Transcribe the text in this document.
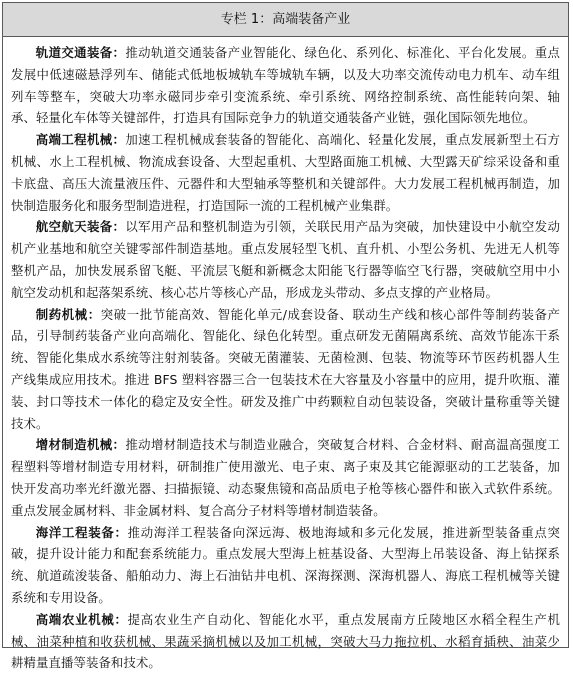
专栏 1：高端装备产业

轨道交通装备：推动轨道交通装备产业智能化、绿色化、系列化、标准化、平台化发展。重点发展中低速磁悬浮列车、储能式低地板城轨车等城轨车辆，以及大功率交流传动电力机车、动车组列车等整车，突破大功率永磁同步牵引变流系统、牵引系统、网络控制系统、高性能转向架、轴承、轻量化车体等关键部件，打造具有国际竞争力的轨道交通装备产业链，强化国际领先地位。

高端工程机械：加速工程机械成套装备的智能化、高端化、轻量化发展，重点发展新型土石方机械、水上工程机械、物流成套设备、大型起重机、大型路面施工机械、大型露天矿综采设备和重卡底盘、高压大流量液压件、元器件和大型轴承等整机和关键部件。大力发展工程机械再制造，加快制造服务化和服务型制造进程，打造国际一流的工程机械产业集群。

航空航天装备：以军用产品和整机制造为引领，关联民用产品为突破，加快建设中小航空发动机产业基地和航空关键零部件制造基地。重点发展轻型飞机、直升机、小型公务机、先进无人机等整机产品，加快发展系留飞艇、平流层飞艇和新概念太阳能飞行器等临空飞行器，突破航空用中小航空发动机和起落架系统、核心芯片等核心产品，形成龙头带动、多点支撑的产业格局。

制药机械：突破一批节能高效、智能化单元/成套设备、联动生产线和核心部件等制药装备产品，引导制药装备产业向高端化、智能化、绿色化转型。重点研发无菌隔离系统、高效节能冻干系统、智能化集成水系统等注射剂装备。突破无菌灌装、无菌检测、包装、物流等环节医药机器人生产线集成应用技术。推进 BFS 塑料容器三合一包装技术在大容量及小容量中的应用，提升吹瓶、灌装、封口等技术一体化的稳定及安全性。研发及推广中药颗粒自动包装设备，突破计量称重等关键技术。

增材制造机械：推动增材制造技术与制造业融合，突破复合材料、合金材料、耐高温高强度工程塑料等增材制造专用材料，研制推广使用激光、电子束、离子束及其它能源驱动的工艺装备，加快开发高功率光纤激光器、扫描振镜、动态聚焦镜和高品质电子枪等核心器件和嵌入式软件系统。重点发展金属材料、非金属材料、复合高分子材料等增材制造装备。

海洋工程装备：推动海洋工程装备向深远海、极地海域和多元化发展，推进新型装备重点突破，提升设计能力和配套系统能力。重点发展大型海上桩基设备、大型海上吊装设备、海上钻探系统、航道疏浚装备、船舶动力、海上石油钻井电机、深海探测、深海机器人、海底工程机械等关键系统和专用设备。

高端农业机械：提高农业生产自动化、智能化水平，重点发展南方丘陵地区水稻全程生产机械、油菜种植和收获机械、果蔬采摘机械以及加工机械，突破大马力拖拉机、水稻育插秧、油菜少耕精量直播等装备和技术。
